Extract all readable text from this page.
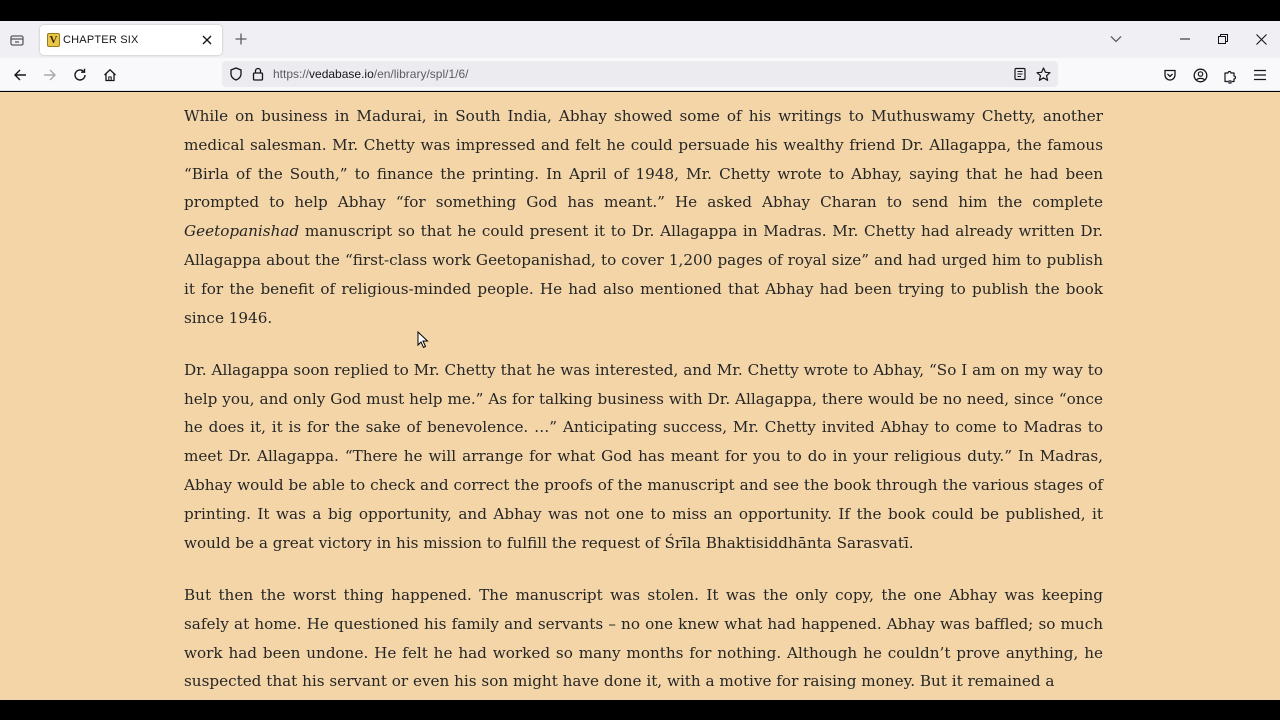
V CHAPTER SIX
https://vedabase.io/en/library/spl/1/6/

While on business in Madurai, in South India, Abhay showed some of his writings to Muthuswamy Chetty, another medical salesman. Mr. Chetty was impressed and felt he could persuade his wealthy friend Dr. Allagappa, the famous “Birla of the South,” to finance the printing. In April of 1948, Mr. Chetty wrote to Abhay, saying that he had been prompted to help Abhay “for something God has meant.” He asked Abhay Charan to send him the complete Geetopanishad manuscript so that he could present it to Dr. Allagappa in Madras. Mr. Chetty had already written Dr. Allagappa about the “first-class work Geetopanishad, to cover 1,200 pages of royal size” and had urged him to publish it for the benefit of religious-minded people. He had also mentioned that Abhay had been trying to publish the book since 1946.

Dr. Allagappa soon replied to Mr. Chetty that he was interested, and Mr. Chetty wrote to Abhay, “So I am on my way to help you, and only God must help me.” As for talking business with Dr. Allagappa, there would be no need, since “once he does it, it is for the sake of benevolence. …” Anticipating success, Mr. Chetty invited Abhay to come to Madras to meet Dr. Allagappa. “There he will arrange for what God has meant for you to do in your religious duty.” In Madras, Abhay would be able to check and correct the proofs of the manuscript and see the book through the various stages of printing. It was a big opportunity, and Abhay was not one to miss an opportunity. If the book could be published, it would be a great victory in his mission to fulfill the request of Śrīla Bhaktisiddhānta Sarasvatī.

But then the worst thing happened. The manuscript was stolen. It was the only copy, the one Abhay was keeping safely at home. He questioned his family and servants – no one knew what had happened. Abhay was baffled; so much work had been undone. He felt he had worked so many months for nothing. Although he couldn’t prove anything, he suspected that his servant or even his son might have done it, with a motive for raising money. But it remained a
